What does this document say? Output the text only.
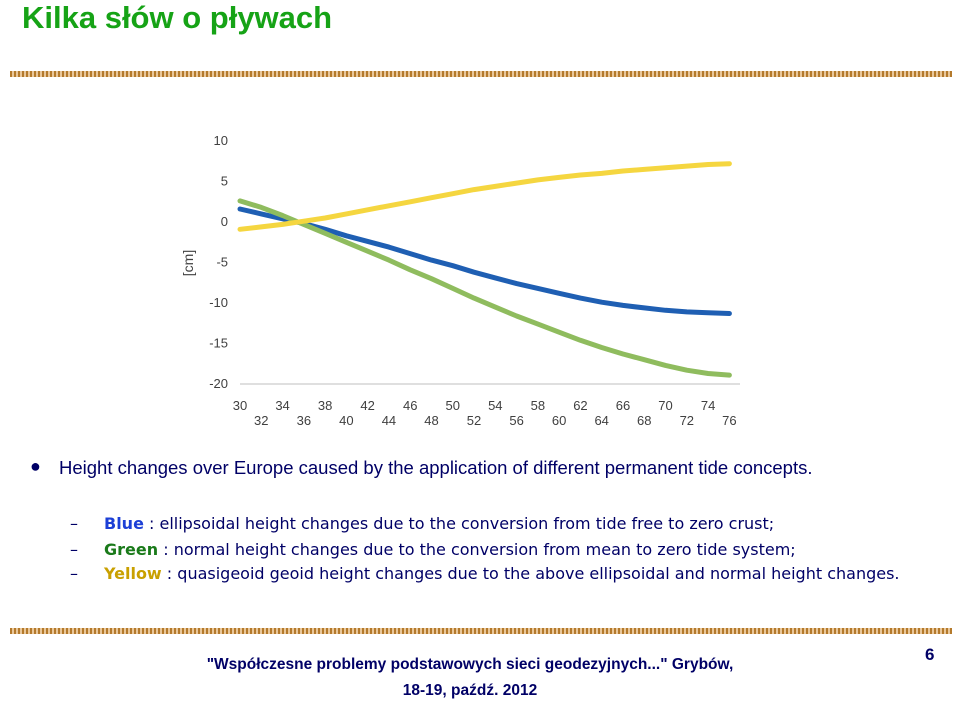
Kilka słów o pływach
10
5
0
-5
-10
-15
-20
30 34 38 42 46 50 54 58 62 66 70 74
32 36 40 44 48 52 56 60 64 68 72 76
[cm]
● Height changes over Europe caused by the application of different permanent tide concepts.
– Blue : ellipsoidal height changes due to the conversion from tide free to zero crust;
– Green : normal height changes due to the conversion from mean to zero tide system;
– Yellow : quasigeoid geoid height changes due to the above ellipsoidal and normal height changes.
"Współczesne problemy podstawowych sieci geodezyjnych..." Grybów,
18-19, paźdź. 2012
6
